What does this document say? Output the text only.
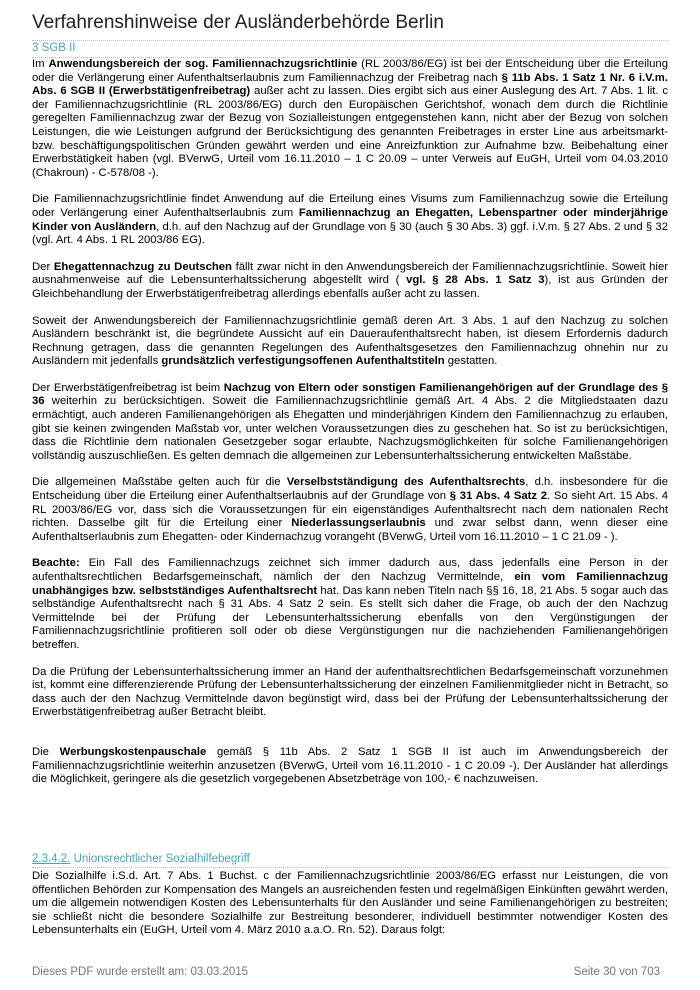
Verfahrenshinweise der Ausländerbehörde Berlin
3 SGB II

Im Anwendungsbereich der sog. Familiennachzugsrichtlinie (RL 2003/86/EG) ist bei der Entscheidung über die Erteilung oder die Verlängerung einer Aufenthaltserlaubnis zum Familiennachzug der Freibetrag nach § 11b Abs. 1 Satz 1 Nr. 6 i.V.m. Abs. 6 SGB II (Erwerbstätigenfreibetrag) außer acht zu lassen. Dies ergibt sich aus einer Auslegung des Art. 7 Abs. 1 lit. c der Familiennachzugsrichtlinie (RL 2003/86/EG) durch den Europäischen Gerichtshof, wonach dem durch die Richtlinie geregelten Familiennachzug zwar der Bezug von Sozialleistungen entgegenstehen kann, nicht aber der Bezug von solchen Leistungen, die wie Leistungen aufgrund der Berücksichtigung des genannten Freibetrages in erster Line aus arbeitsmarkt- bzw. beschäftigungspolitischen Gründen gewährt werden und eine Anreizfunktion zur Aufnahme bzw. Beibehaltung einer Erwerbstätigkeit haben (vgl. BVerwG, Urteil vom 16.11.2010 – 1 C 20.09 – unter Verweis auf EuGH, Urteil vom 04.03.2010 (Chakroun) - C-578/08 -).

Die Familiennachzugsrichtlinie findet Anwendung auf die Erteilung eines Visums zum Familiennachzug sowie die Erteilung oder Verlängerung einer Aufenthaltserlaubnis zum Familiennachzug an Ehegatten, Lebenspartner oder minderjährige Kinder von Ausländern, d.h. auf den Nachzug auf der Grundlage von § 30 (auch § 30 Abs. 3) ggf. i.V.m. § 27 Abs. 2 und § 32 (vgl. Art. 4 Abs. 1 RL 2003/86 EG).

Der Ehegattennachzug zu Deutschen fällt zwar nicht in den Anwendungsbereich der Familiennachzugsrichtlinie. Soweit hier ausnahmenweise auf die Lebensunterhaltssicherung abgestellt wird ( vgl. § 28 Abs. 1 Satz 3), ist aus Gründen der Gleichbehandlung der Erwerbstätigenfreibetrag allerdings ebenfalls außer acht zu lassen.

Soweit der Anwendungsbereich der Familiennachzugsrichtlinie gemäß deren Art. 3 Abs. 1 auf den Nachzug zu solchen Ausländern beschränkt ist, die begründete Aussicht auf ein Daueraufenthaltsrecht haben, ist diesem Erfordernis dadurch Rechnung getragen, dass die genannten Regelungen des Aufenthaltsgesetzes den Familiennachzug ohnehin nur zu Ausländern mit jedenfalls grundsätzlich verfestigungsoffenen Aufenthaltstiteln gestatten.

Der Erwerbstätigenfreibetrag ist beim Nachzug von Eltern oder sonstigen Familienangehörigen auf der Grundlage des § 36 weiterhin zu berücksichtigen. Soweit die Familiennachzugsrichtlinie gemäß Art. 4 Abs. 2 die Mitgliedstaaten dazu ermächtigt, auch anderen Familienangehörigen als Ehegatten und minderjährigen Kindern den Familiennachzug zu erlauben, gibt sie keinen zwingenden Maßstab vor, unter welchen Voraussetzungen dies zu geschehen hat. So ist zu berücksichtigen, dass die Richtlinie dem nationalen Gesetzgeber sogar erlaubte, Nachzugsmöglichkeiten für solche Familienangehörigen vollständig auszuschließen. Es gelten demnach die allgemeinen zur Lebensunterhaltssicherung entwickelten Maßstäbe.

Die allgemeinen Maßstäbe gelten auch für die Verselbstständigung des Aufenthaltsrechts, d.h. insbesondere für die Entscheidung über die Erteilung einer Aufenthaltserlaubnis auf der Grundlage von § 31 Abs. 4 Satz 2. So sieht Art. 15 Abs. 4 RL 2003/86/EG vor, dass sich die Voraussetzungen für ein eigenständiges Aufenthaltsrecht nach dem nationalen Recht richten. Dasselbe gilt für die Erteilung einer Niederlassungserlaubnis und zwar selbst dann, wenn dieser eine Aufenthaltserlaubnis zum Ehegatten- oder Kindernachzug vorangeht (BVerwG, Urteil vom 16.11.2010 – 1 C 21.09 - ).

Beachte: Ein Fall des Familiennachzugs zeichnet sich immer dadurch aus, dass jedenfalls eine Person in der aufenthaltsrechtlichen Bedarfsgemeinschaft, nämlich der den Nachzug Vermittelnde, ein vom Familiennachzug unabhängiges bzw. selbstständiges Aufenthaltsrecht hat. Das kann neben Titeln nach §§ 16, 18, 21 Abs. 5 sogar auch das selbständige Aufenthaltsrecht nach § 31 Abs. 4 Satz 2 sein. Es stellt sich daher die Frage, ob auch der den Nachzug Vermittelnde bei der Prüfung der Lebensunterhaltssicherung ebenfalls von den Vergünstigungen der Familiennachzugsrichtlinie profitieren soll oder ob diese Vergünstigungen nur die nachziehenden Familienangehörigen betreffen.

Da die Prüfung der Lebensunterhaltssicherung immer an Hand der aufenthaltsrechtlichen Bedarfsgemeinschaft vorzunehmen ist, kommt eine differenzierende Prüfung der Lebensunterhaltssicherung der einzelnen Familienmitglieder nicht in Betracht, so dass auch der den Nachzug Vermittelnde davon begünstigt wird, dass bei der Prüfung der Lebensunterhaltssicherung der Erwerbstätigenfreibetrag außer Betracht bleibt.

Die Werbungskostenpauschale gemäß § 11b Abs. 2 Satz 1 SGB II ist auch im Anwendungsbereich der Familiennachzugsrichtlinie weiterhin anzusetzen (BVerwG, Urteil vom 16.11.2010 - 1 C 20.09 -). Der Ausländer hat allerdings die Möglichkeit, geringere als die gesetzlich vorgegebenen Absetzbeträge von 100,- € nachzuweisen.

2.3.4.2. Unionsrechtlicher Sozialhilfebegriff

Die Sozialhilfe i.S.d. Art. 7 Abs. 1 Buchst. c der Familiennachzugsrichtlinie 2003/86/EG erfasst nur Leistungen, die von öffentlichen Behörden zur Kompensation des Mangels an ausreichenden festen und regelmäßigen Einkünften gewährt werden, um die allgemein notwendigen Kosten des Lebensunterhalts für den Ausländer und seine Familienangehörigen zu bestreiten; sie schließt nicht die besondere Sozialhilfe zur Bestreitung besonderer, individuell bestimmter notwendiger Kosten des Lebensunterhalts ein (EuGH, Urteil vom 4. März 2010 a.a.O. Rn. 52). Daraus folgt:

Dieses PDF wurde erstellt am: 03.03.2015	Seite 30 von 703
